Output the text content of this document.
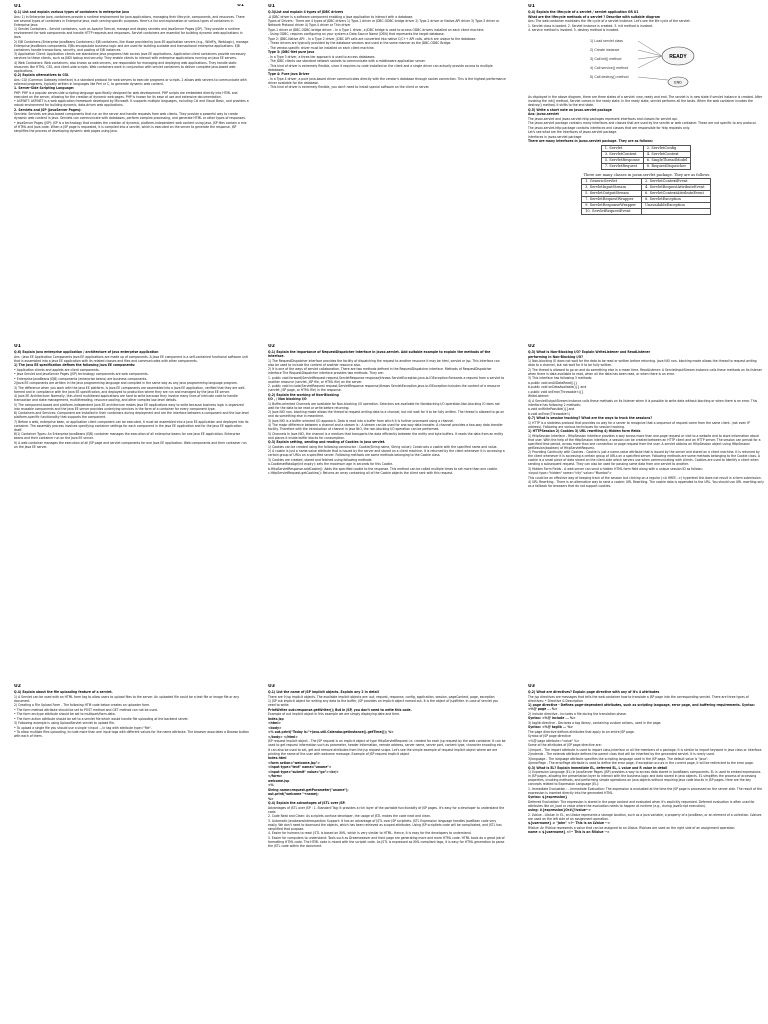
U1	U1

Q.1) List and explain various types of containers in enterprise java

Ans: 1) In Enterprise Java, containers provide a runtime environment for Java applications, managing their lifecycle, components, and resources. There are several types of containers in Enterprise Java, each serving specific purposes. Here's a list and explanation of various types of containers in Enterprise Java:

1) Servlet Containers - Servlet containers, such as Apache Tomcat, manage and deploy servlets and JavaServer Pages (JSP). They provide a runtime environment for web components and handle HTTP requests and responses. Servlet containers are essential for building dynamic web applications in Java.

2) EJB Containers (Enterprise JavaBeans Containers): EJB containers, like those provided by Java EE application servers (e.g., WildFly, WebLogic), manage Enterprise JavaBeans components. EJBs encapsulate business logic and are used for building scalable and transactional enterprise applications. EJB containers handle transactions, security, and pooling of EJB instances.

3) Application Client: Application clients are standalone Java programs that access Java EE applications. Application client containers provide necessary services to these clients, such as JNDI lookup and security. They enable clients to interact with enterprise applications running on Java EE servers.

4) Web Containers: Web containers, also known as web servers, are responsible for managing and deploying web applications. They handle static resources like HTML, CSS, and client-side scripts. Web containers work in conjunction with servlet containers to deliver complete Java-based web applications.

Q.2) Explain alternatives to CGI.

Ans: CGI (Common Gateway Interface) is a standard protocol for web servers to execute programs or scripts. 2 allows web servers to communicate with external programs, typically written in languages like Perl or C, to generate dynamic web content.

1. Server-Side Scripting Language:

PHP: PHP is a popular server-side scripting language specifically designed for web development. PHP scripts are embedded directly into HTML and executed on the server, allowing for the creation of dynamic web pages. PHP is known for its ease of use and extensive documentation.

• ASP.NET: ASP.NET is a web application framework developed by Microsoft. It supports multiple languages, including C# and Visual Basic, and provides a robust environment for building dynamic, data-driven web applications.

2. Servlets and JSP (JavaServer Pages):

Servlets: Servlets are Java-based components that run on the server and handle requests from web clients. They provide a powerful way to create dynamic web content in Java. Servlets can communicate with databases, perform complex processing, and generate HTML or other types of responses.

• JavaServer Pages (JSP): JSP is a technology that enables the creation of dynamic, platform-independent web content using Java. JSP files contain a mix of HTML and Java code. When a JSP page is requested, it is compiled into a servlet, which is executed on the server to generate the response. JSP simplifies the process of developing dynamic web pages using Java.

U1

Q.3)List and explain 4 types of JDBC drivers

-A JDBC driver is a software component enabling a Java application to interact with a database.

Types of Drivers : There are 4 types of JDBC drivers 1) Type-1 driver or JDBC-ODBC bridge driver 2) Type-2 driver or Native-API driver 3) Type-3 driver or Network Protocol driver 4) Type-4 driver or Thin driver

Type-1 driver or JDBC-ODBC bridge driver: - In a Type 1 driver, a JDBC bridge is used to access ODBC drivers installed on each client machine.

- Using ODBC, requires configuring on your system a Data Source Name (DSN) that represents the target database.

Type 2: JDBC-Native API: - In a Type 2 driver, JDBC API calls are converted into native C/C++ API calls, which are unique to the database.

- These drivers are typically provided by the database vendors and used in the same manner as the JDBC-ODBC Bridge.

- The vendor-specific driver must be installed on each client machine.

Type 3: JDBC-Net pure Java

- In a Type 3 driver, a three-tier approach is used to access databases.

- The JDBC clients use standard network sockets to communicate with a middleware application server.

- This kind of driver is extremely flexible, since it requires no code installed on the client and a single driver can actually provide access to multiple databases.

Type 4: Pure Java Driver

- In a Type 4 driver, a pure Java-based driver communicates directly with the vendor's database through socket connection. This is the highest performance driver available for the database.

- This kind of driver is extremely flexible, you don't need to install special software on the client or server.

U1

Q.4) Explain the lifecycle of a servlet / servlet application OR U1

What are the lifecycle methods of a servlet ? Describe with suitable diagram

Ans: The web container maintains the life cycle of a servlet instance. Let's see the life cycle of the servlet:

1. Servlet class is loaded. 2. Servlet instance is created. 3. init method is invoked.

4. service method is invoked. 5. destroy method is invoked.

READY
END
1) Load servlet class
2) Create instance
3) Call init() method
4) Call service() method
5) Call destroy() method

As displayed in the above diagram, there are three states of a servlet: new, ready and end. The servlet is in new state if servlet instance is created. After invoking the init() method, Servlet comes in the ready state. In the ready state, servlet performs all the tasks. When the web container invokes the destroy() method, it shifts to the end state.

Q.5) Write a short note on javax.servlet package

Ans: javax.servlet

The javax.servlet and javax.servlet.http packages represent interfaces and classes for servlet api.

The javax.servlet package contains many interfaces and classes that are used by the servlet or web container. These are not specific to any protocol.

The javax.servlet.http package contains interfaces and classes that are responsible for http requests only.

Let's see what are the interfaces of javax.servlet package.

Interfaces in javax.servlet package

There are many interfaces in javax.servlet package. They are as follows:

1. Servlet	2. ServletConfig
3. ServletContext	4. ServletContext
5. ServletResponse	6. SingleThreadModel
7. ServletRequest	8. RequestDispatcher
There are many classes in javax.servlet package. They are as follows:	
1. GenericServlet	2. ServletContextEvent
3. ServletInputStream	4. ServletRequestAttributeEvent
5. ServletOutputStream	6. ServletContextAttributeEvent
7. ServletRequestWrapper	8. ServletException
9. ServletResponseWrapper	UnavailableException
10. ServletRequestEvent	
U1

Q.6) Explain java enterprise application / architecture of Java enterprise application

Ans : Java EE Application Components Java EE applications are made up of components. A Java EE component is a self-contained functional software unit that is assembled into a Java EE application with its related classes and files and communicates with other components.

1) The Java EE specification defines the following Java EE components:

• Application clients and applets are client components.

• Java Servlet and JavaServer Pages (JSP) technology components are web components.

• Enterprise JavaBeans (EJB) components (enterprise beans) are business components.

2)Java EE components are written in the Java programming language and compiled in the same way as any Java programming language program.

3) The difference when you work with the Java EE platform, is Java EE components are assembled into a Java EE application, verified that they are well-formed and in compliance with the Java EE specification, and deployed to production where they are run and managed by the Java EE server.

4) Java EE Architecture: Normally, thin-client multitiered applications are hard to write because they involve many lines of intricate code to handle transaction and state management, multithreading, resource pooling, and other complex low-level details.

5) The component-based and platform-independent Java EE architecture makes Java EE applications easy to write because business logic is organized into reusable components and the Java EE server provides underlying services in the form of a container for every component type.

6) Containers and Services: Component are installed in their containers during deployment and are the interface between a component and the low-level platform-specific functionality that supports the component.

7) Before a web, enterprise bean, or application client component can be executed, it must be assembled into a Java EE application and deployed into its container. The assembly process involves specifying container settings for each component in the Java EE application and for the Java EE application itself.

8)1) Container Types: An Enterprise JavaBeans (EJB) container manages the execution of all enterprise beans for one Java EE application. Enterprise beans and their container run on the Java EE server.

9) A web container manages the execution of all JSP page and servlet components for one Java EE application. Web components and their container run on the Java EE server.

U2

Q.1) Explain the importance of RequestDispatcher Interface in javax.servlet. Add suitable example to explain the methods of the interface.

1) The RequestDispatcher interface provides the facility of dispatching the request to another resource it may be html, servlet or jsp. This interface can also be used to include the content of another resource also.

2) It is one of the ways of servlet collaboration. There are two methods defined in the RequestDispatcher interface. Methods of RequestDispatcher interface The RequestDispatcher interface provides two methods. They are:

1. public void forward(ServletRequest request,ServletResponse response)throws ServletException,java.io.IOException:Forwards a request from a servlet to another resource (servlet, JSP file, or HTML file) on the server.

2. public void include(ServletRequest request,ServletResponse response)throws ServletException,java.io.IOException:Includes the content of a resource (servlet, JSP page, or HTML file) in the response.

Q.2) Explain the working of Non-Blocking

I/O , / Non blocking I/O

1) Buffer-oriented Channels are available for Non-blocking I/O operation. Selectors are available for Nonblocking I/O operation.Non-blocking IO does not wait for the data to be read or write before returning.

2) Java NIO non- blocking mode allows the thread to request writing data to a channel, but not wait for it to be fully written. The thread is allowed to go on and do something else in meantime.

3) Java NIO is a buffer oriented I/O approach. Data is read into a buffer from which it is further processed using a channel.

4) The major difference between a channel and a stream is : A stream can be used for one-way data transfer. A channel provides a two-way data transfer facility. Therefore with the introduction of channel in java NIO, the non-blocking I/O operation can be performed.

5) Channels In Java NIO, the channel is a medium that transports the data efficiently between the entity and byte buffers. It reads the data from an entity and places it inside buffer blocks for consumption.

Q.3) Explain setting, sending and reading of Cookies in Java servlet.

1) Cookies can be created using the following constructor : Cookie(String name, String value): Constructs a cookie with the specified name and value.

2) A cookie is just a name-value attribute that is issued by the server and stored on a client machine. It is returned by the client whenever it is accessing a certain group of URLs on a specified server. Following methods are some methods belonging to the Cookie class.

3) Cookies are created, stored and fetched using following methods

a.CookiesetMaxAge(int expiry): sets the maximum age in seconds for this Cookie.

b.HttpServletResponse.addCookie(): Adds the specified cookie to the response. This method can be called multiple times to set more than one cookie.

c.HttpServletRequest.getCookies(): Returns an array containing all of the Cookie objects the client sent with this request.

U2

Q.3) What is Non-Blocking I/O? Explain WriteListener and ReadListener

performing in Non-Blocking I/O?

1) Non-blocking IO does not wait for the data to be read or written before returning. Java NIO non- blocking mode allows the thread to request writing data to a channel, but not wait for it to be fully written.

2) The thread is allowed to go on and do something else in a mean time. ReadListener: A ServletInputStream instance calls these methods on its listener when there is data available to read, when all the data has been read, or when there is an error.

3) This interface has following 3 methods:

a.public void onAllDataRead(){}

b.public void onDataAvailable(){} and

c.public void onError(Throwable t){}

WriteListener:

4) A ServletOutputStream instance calls these methods on its listener when it is possible to write data without blocking or when there is an error. This interface has following 2 methods:

a.void onWritePossible(){}and

b.void onError(Throwable t)

Q.7) What is session tracking? What are the ways to track the sessions?

1) HTTP is a stateless protocol that provides no way for a server to recognize that a sequence of request come from the same client. (not even IP address). Following are various techniques for session tracking.

1) HTTPSession 2) Cookies 3) URL rewriting 4) Hidden form fields

1) HttpSession Interface - HttpSession Interface provides a way across more than one-page request or visit to a website and to store information about that user. With the help of the HttpSession interface, a session can be created between an HTTP client and an HTTP server. The session can persist for a specified time period, across more than one connection or page request from the user. A servlet obtains an HttpSession object using HttpSession getSession(boolean) of HttpServletRequest.

2) Providing Continuity with Cookies - Cookie is just a name-value attribute that is issued by the server and stored on a client machine. It is returned by the client whenever it is accessing a certain group of URLs on a specified server. Following methods are some methods belonging to the Cookie class. A cookie is a small piece of data stored on the client-side which servers use when communicating with clients. Cookies are used to identify a client when sending a subsequent request. They can also be used for passing some data from one servlet to another.

3) Hidden Form Fields - A web server can send a hidden HTML form field along with a unique session ID as follows:

<input type="hidden" name="city" value="Mumbai">

This could be an effective way of keeping track of the session but clicking on a regular (<A HREF...>) hypertext link does not result in a form submission.

4) URL Rewriting - There is an alternative way to send a cookie: URL Rewriting. The cookie data is appended to the URL. You should use URL rewriting only as a fallback for browsers that do not support cookies.

U2

Q.4) Explain about the file uploading feature of a servlet.

1) A Servlet can be used with an HTML form tag to allow users to upload files to the server. An uploaded file could be a text file or image file or any document.

2) Creating a File Upload Form - The following HTM code below creates an uploader form.

• The form method attribute should be set to POST method and GET method can not be used.

• The form enctype attribute should be set to multipart/form-data.

• The form action attribute should be set to a servlet file which would handle file uploading at the backend server.

3) Following example is using UploadServlet servlet to upload file.

• To upload a single file you should use a single <input .../> tag with attribute type="file".

• To allow multiple files uploading, include more than one input tags with different values for the name attribute. The browser associates a Browse button with each of them.

U3

Q.1) List the name of JSP implicit objects. Explain any 2 in detail

There are 9 jsp implicit objects. The available implicit objects are: out, request, response, config, application, session, pageContext, page, exception

1) JSP out implicit object for writing any data to the buffer, JSP provides an implicit object named out. It is the object of JspWriter. In case of servlet you need to write:

PrintWriter out=response.getWriter(); But in JSP, you don't need to write this code.

Example of out implicit object In this example we are simply displaying date and time.

index.jsp

<html>

<body>

<% out.print("Today is:"+java.util.Calendar.getInstance().getTime()); %>

</body> </html>

JSP request implicit object - The JSP request is an implicit object of type HttpServletRequest i.e. created for each jsp request by the web container. It can be used to get request information such as parameter, header information, remote address, server name, server port, content type, character encoding etc.

It can also be used to set, get and remove attributes from the jsp request scope. Let's see the simple example of request implicit object where we are printing the name of the user with welcome message. Example of JSP request implicit object

index.html

<form action="welcome.jsp">

<input type="text" name="uname">

<input type="submit" value="go"><br/>

</form>

welcome.jsp

<%

String name=request.getParameter("uname");

out.print("welcome "+name);

%>

Q.4) Explain the advantages of JSTL over JSP.

Advantages of JSTL over JSP : 1. Standard Tag: It provides a rich layer of the portable functionality of JSP pages. It's easy for a developer to understand the code.

2. Code Neat and Clean: As scriplets confuse developer, the usage of JSTL makes the code neat and clean.

3. Automatic JavabeansInterospection Support: It has an advantage of JSTL over JSP scriptlets. JSTL Expression language handles JavaBean code very easily. We don't need to downcast the objects, which has been retrieved as scoped attributes. Using JSP scriptlets code will be complicated, and JSTL has simplified that purpose.

4. Easier for humans to read: JSTL is based on XML, which is very similar to HTML. Hence, it is easy for the developers to understand.

5. Easier for computers to understand: Tools such as Dreamweaver and front page are generating more and more HTML code. HTML tools do a great job of formatting HTML code. The HTML code is mixed with the scriplet code. As JSTL is expressed as XML compliant tags, it is easy for HTML generation to parse the JSTL code within the document.

U3

Q.2) What are directives? Explain page directive with any of it's 4 attributes

The jsp directives are messages that tells the web container how to translate a JSP page into the corresponding servlet. There are three types of directives: • Directive & Description

1) page directive - Defines page-dependent attributes, such as scripting language, error page, and buffering requirements. Syntax: <%@ page ... %>

2) include directive - Includes a file during the translation phase.

Syntax: <%@ include ... %>

3) taglib directive - Declares a tag library, containing custom actions, used in the page.

Syntax: <%@ taglib ... %>

The page directive defines attributes that apply to an entire JSP page.

Syntax of JSP page directive

<%@ page attribute="value" %>

Some of the attributes of JSP page directive are:

1)import - The import attribute is used to import class,interface or all the members of a package. It is similar to import keyword in java class or interface.

2)extends - The extends attribute defines the parent class that will be inherited by the generated servlet. It is rarely used.

3)language - The language attribute specifies the scripting language used in the JSP page. The default value is "java".

4)errorPage - The errorPage attribute is used to define the error page, if exception occurs in the current page, it will be redirected to the error page.

Q.3) What is EL? Explain immediate EL, deferred EL, L value and R value in detail

1) Expression Language (EL) in JavaServer Pages (JSP) provides a way to access data stored in JavaBeans components. EL is used to embed expressions in JSP pages, allowing the presentation layer to interact with the business logic and data stored in Java objects. EL simplifies the process of accessing properties, invoking methods, and performing simple operations on Java objects without requiring Java code blocks in JSP pages. Here are the key concepts related to Expression Language (EL):

1. Immediate Evaluation : - Immediate Evaluation: The expression is evaluated at the time the JSP page is processed on the server side. The result of the expression is inserted directly into the generated HTML.

Syntax: ${expression}

Deferred Evaluation: The expression is stored in the page context and evaluated when it's explicitly requested. Deferred evaluation is often used for attributes like on_load or value where the evaluation needs to happen at runtime (e.g., during JavaScript execution).

using: #{expression}Or#{!lvalue-->

2. LValue - LValue: In EL, an LValue represents a storage location, such as a Java variable, a property of a JavaBean, or an element of a collection. LValues are used on the left side of an assignment operation.

${username} = "John" <!-- This is an LValue -->

RValue: An RValue represents a value that can be assigned to an LValue. RValues are used on the right side of an assignment operation.

name = ${username} <!-- This is an RValue -->
